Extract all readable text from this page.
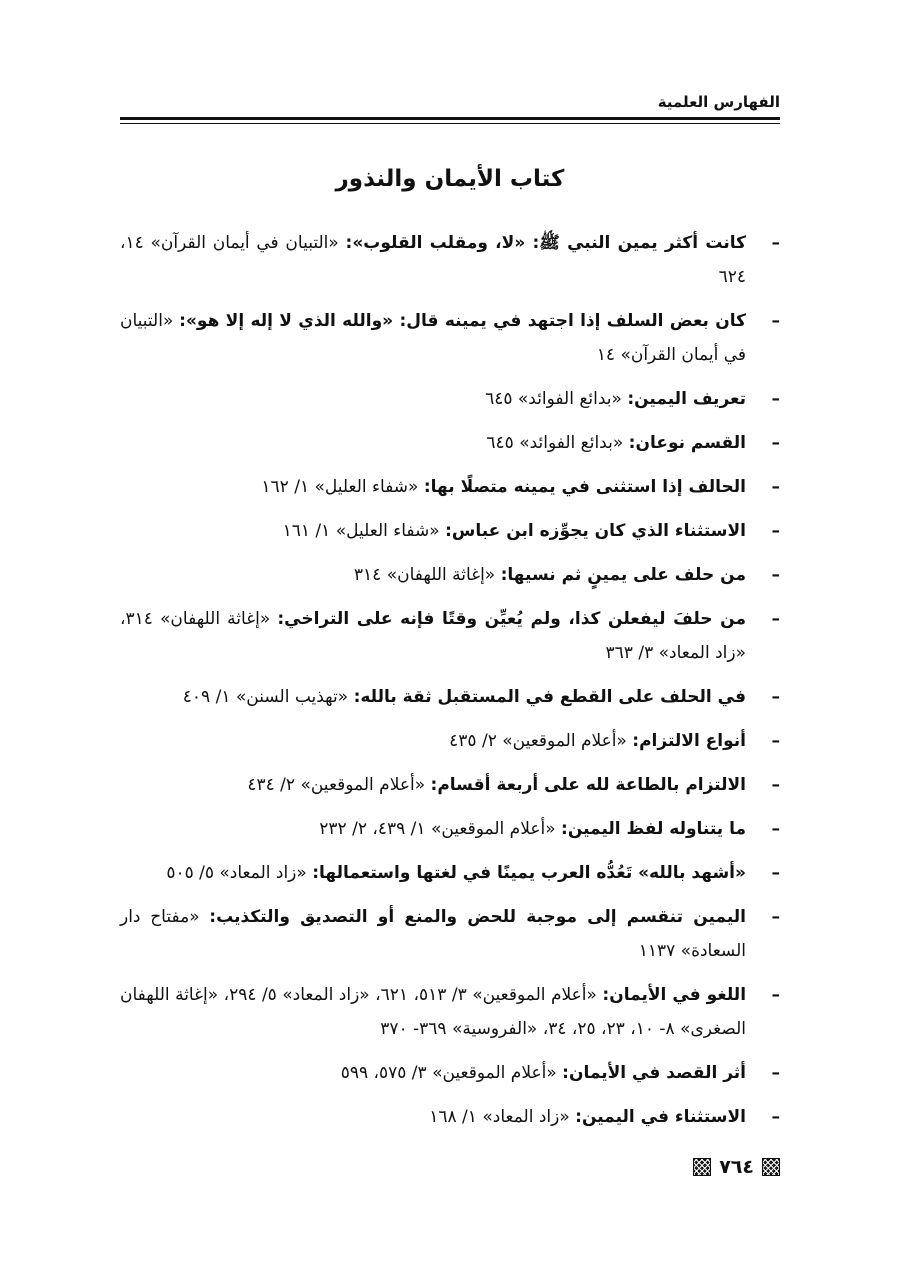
الفهارس العلمية
كتاب الأيمان والنذور
–
كانت أكثر يمين النبي ﷺ: «لا، ومقلب القلوب»: «التبيان في أيمان القرآن» ١٤، ٦٢٤
–
كان بعض السلف إذا اجتهد في يمينه قال: «والله الذي لا إله إلا هو»: «التبيان في أيمان القرآن» ١٤
–
تعريف اليمين: «بدائع الفوائد» ٦٤٥
–
القسم نوعان: «بدائع الفوائد» ٦٤٥
–
الحالف إذا استثنى في يمينه متصلًا بها: «شفاء العليل» ١/ ١٦٢
–
الاستثناء الذي كان يجوِّزه ابن عباس: «شفاء العليل» ١/ ١٦١
–
من حلف على يمينٍ ثم نسيها: «إغاثة اللهفان» ٣١٤
–
من حلفَ ليفعلن كذا، ولم يُعيِّن وقتًا فإنه على التراخي: «إغاثة اللهفان» ٣١٤، «زاد المعاد» ٣/ ٣٦٣
–
في الحلف على القطع في المستقبل ثقة بالله: «تهذيب السنن» ١/ ٤٠٩
–
أنواع الالتزام: «أعلام الموقعين» ٢/ ٤٣٥
–
الالتزام بالطاعة لله على أربعة أقسام: «أعلام الموقعين» ٢/ ٤٣٤
–
ما يتناوله لفظ اليمين: «أعلام الموقعين» ١/ ٤٣٩، ٢/ ٢٣٢
–
«أشهد بالله» تَعُدُّه العرب يمينًا في لغتها واستعمالها: «زاد المعاد» ٥/ ٥٠٥
–
اليمين تنقسم إلى موجبة للحض والمنع أو التصديق والتكذيب: «مفتاح دار السعادة» ١١٣٧
–
اللغو في الأيمان: «أعلام الموقعين» ٣/ ٥١٣، ٦٢١، «زاد المعاد» ٥/ ٢٩٤، «إغاثة اللهفان الصغرى» ٨- ١٠، ٢٣، ٢٥، ٣٤، «الفروسية» ٣٦٩- ٣٧٠
–
أثر القصد في الأيمان: «أعلام الموقعين» ٣/ ٥٧٥، ٥٩٩
–
الاستثناء في اليمين: «زاد المعاد» ١/ ١٦٨
٧٦٤
